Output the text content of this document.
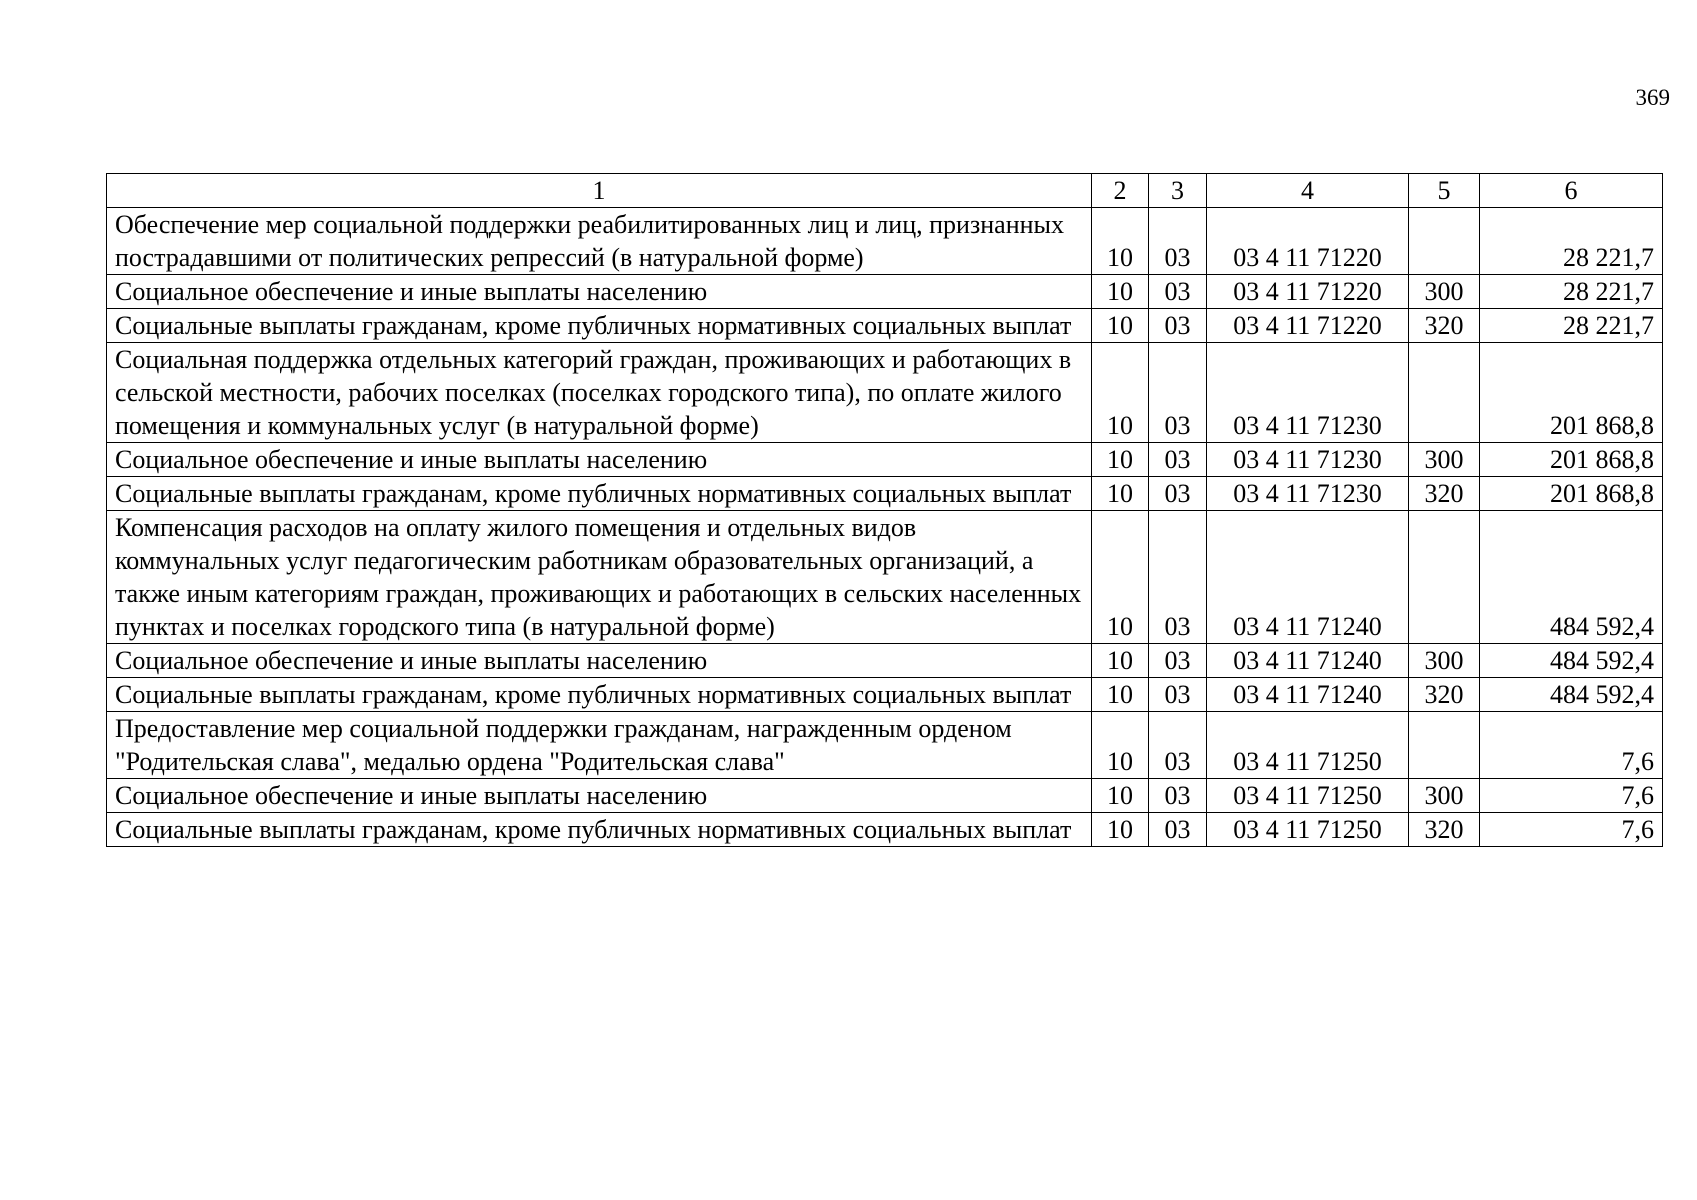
369
1	2	3	4	5	6
Обеспечение мер социальной поддержки реабилитированных лиц и лиц, признанных пострадавшими от политических репрессий (в натуральной форме)	10	03	03 4 11 71220		28 221,7
Социальное обеспечение и иные выплаты населению	10	03	03 4 11 71220	300	28 221,7
Социальные выплаты гражданам, кроме публичных нормативных социальных выплат	10	03	03 4 11 71220	320	28 221,7
Социальная поддержка отдельных категорий граждан, проживающих и работающих в сельской местности, рабочих поселках (поселках городского типа), по оплате жилого помещения и коммунальных услуг (в натуральной форме)	10	03	03 4 11 71230		201 868,8
Социальное обеспечение и иные выплаты населению	10	03	03 4 11 71230	300	201 868,8
Социальные выплаты гражданам, кроме публичных нормативных социальных выплат	10	03	03 4 11 71230	320	201 868,8
Компенсация расходов на оплату жилого помещения и отдельных видов коммунальных услуг педагогическим работникам образовательных организаций, а также иным категориям граждан, проживающих и работающих в сельских населенных пунктах и поселках городского типа (в натуральной форме)	10	03	03 4 11 71240		484 592,4
Социальное обеспечение и иные выплаты населению	10	03	03 4 11 71240	300	484 592,4
Социальные выплаты гражданам, кроме публичных нормативных социальных выплат	10	03	03 4 11 71240	320	484 592,4
Предоставление мер социальной поддержки гражданам, награжденным орденом "Родительская слава", медалью ордена "Родительская слава"	10	03	03 4 11 71250		7,6
Социальное обеспечение и иные выплаты населению	10	03	03 4 11 71250	300	7,6
Социальные выплаты гражданам, кроме публичных нормативных социальных выплат	10	03	03 4 11 71250	320	7,6
